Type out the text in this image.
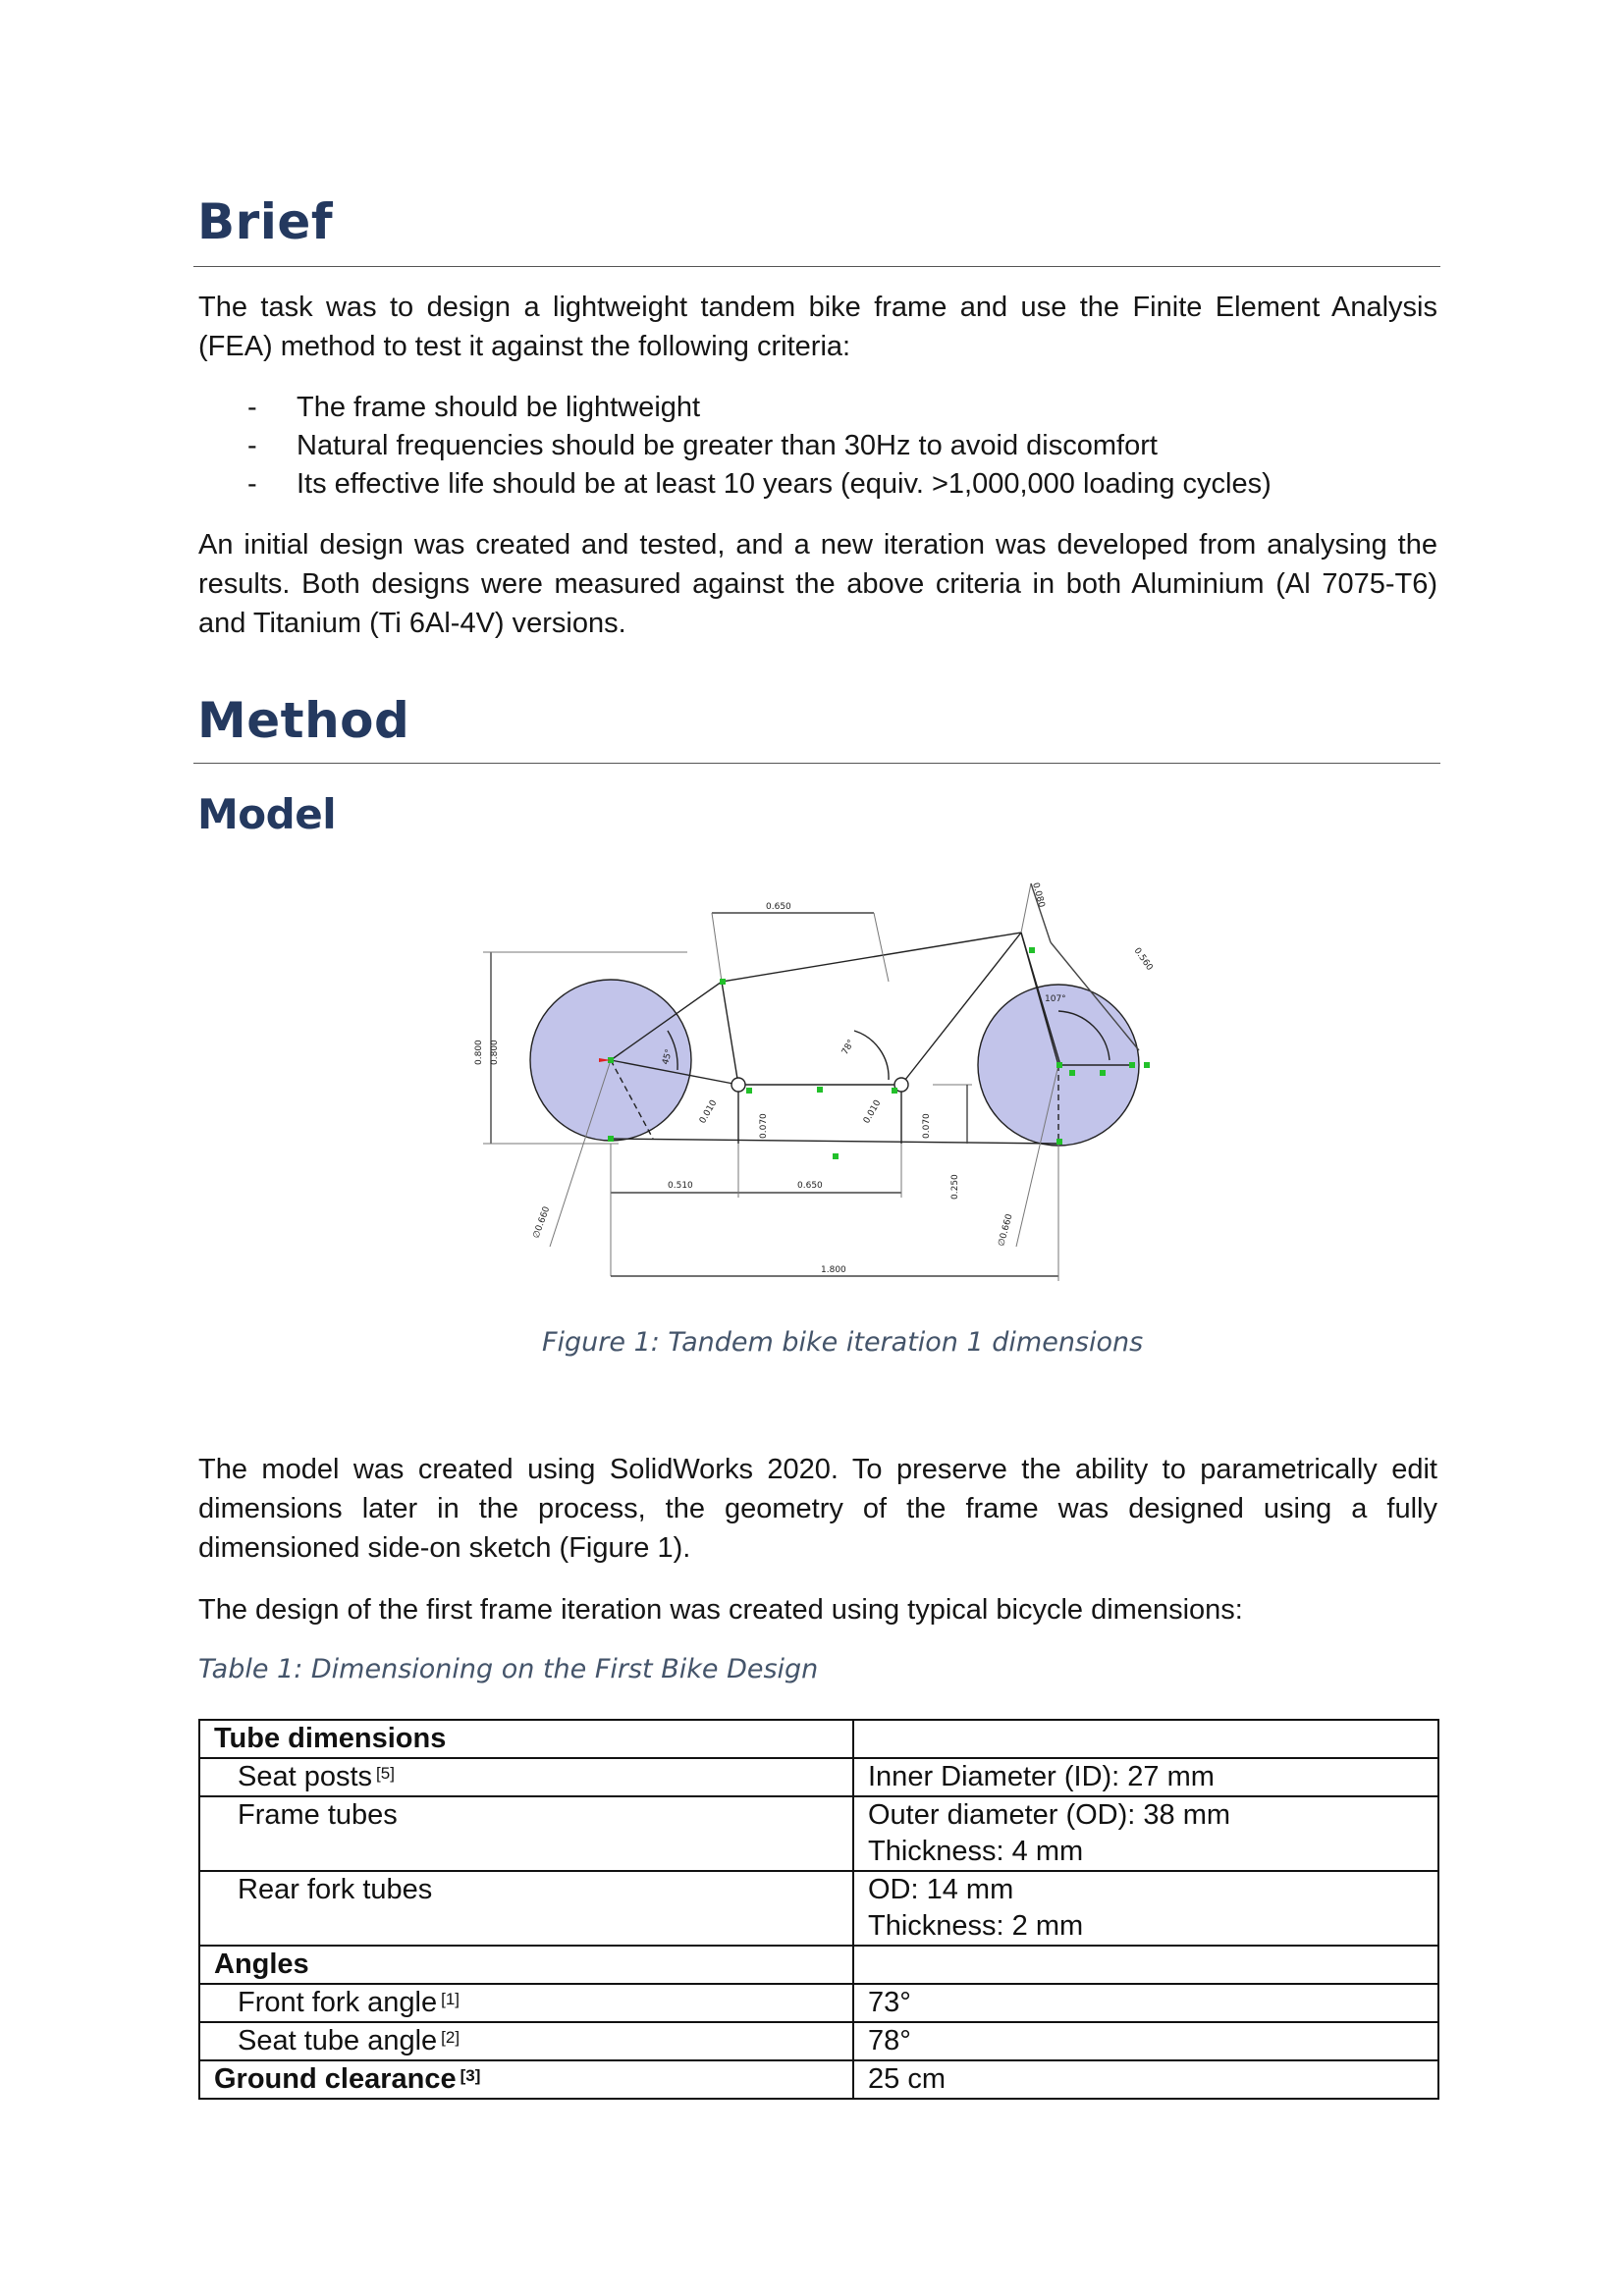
Brief

The task was to design a lightweight tandem bike frame and use the Finite Element Analysis (FEA) method to test it against the following criteria:

- The frame should be lightweight
- Natural frequencies should be greater than 30Hz to avoid discomfort
- Its effective life should be at least 10 years (equiv. >1,000,000 loading cycles)

An initial design was created and tested, and a new iteration was developed from analysing the results. Both designs were measured against the above criteria in both Aluminium (Al 7075-T6) and Titanium (Ti 6Al-4V) versions.

Method
Model
0.650
0.800 0.800
0.080
0.560
107°
78°
45°
0.010	0.010
0.070	0.070
0.510	0.650	0.250
∅0.660	∅0.660
1.800

Figure 1: Tandem bike iteration 1 dimensions

The model was created using SolidWorks 2020. To preserve the ability to parametrically edit dimensions later in the process, the geometry of the frame was designed using a fully dimensioned side-on sketch (Figure 1).

The design of the first frame iteration was created using typical bicycle dimensions:

Table 1: Dimensioning on the First Bike Design

Tube dimensions	
Seat posts [5]	Inner Diameter (ID): 27 mm
Frame tubes	Outer diameter (OD): 38 mm
Thickness: 4 mm
Rear fork tubes	OD: 14 mm
Thickness: 2 mm
Angles	
Front fork angle [1]	73°
Seat tube angle [2]	78°
Ground clearance [3]	25 cm
